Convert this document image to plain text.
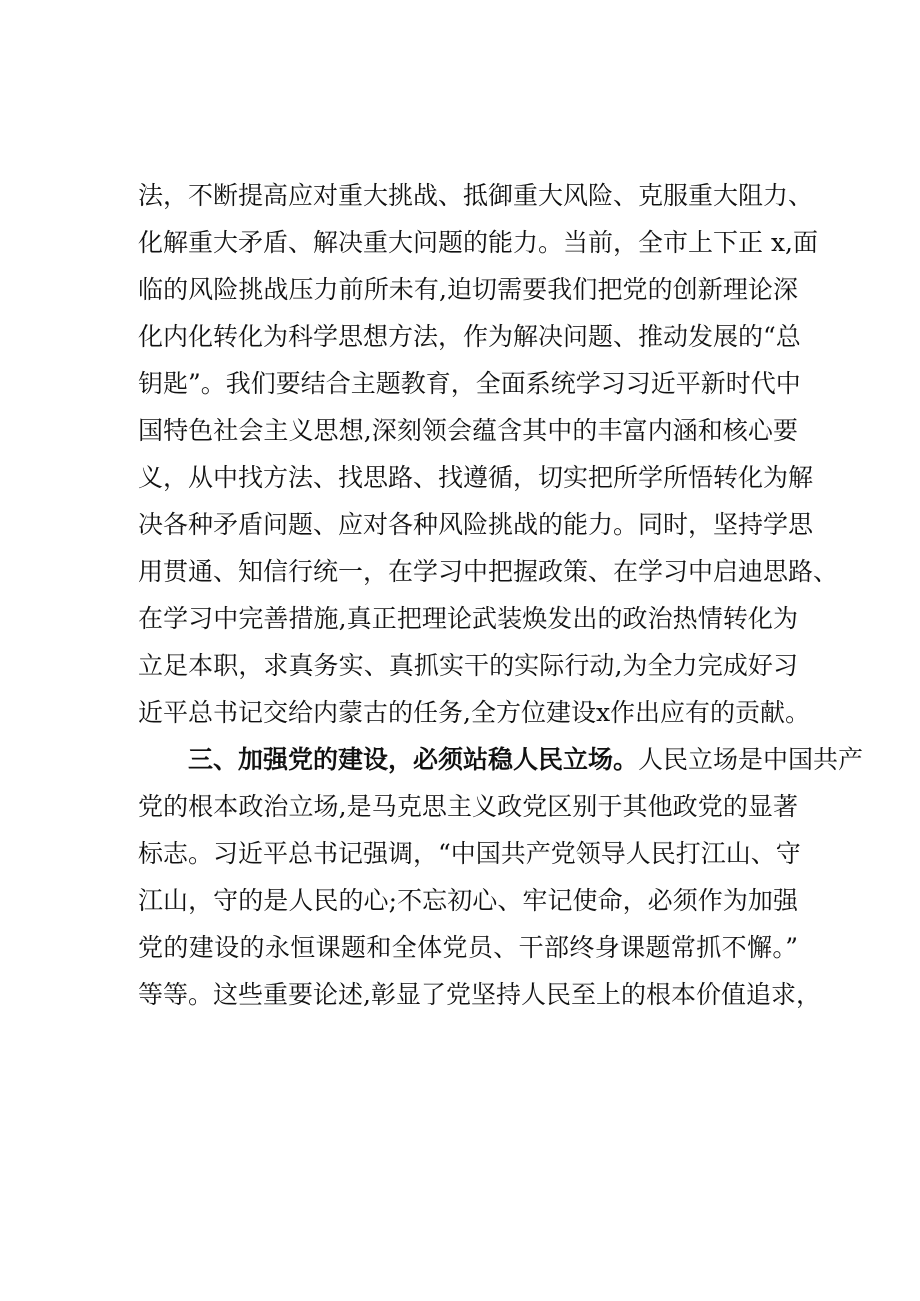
法，不断提高应对重大挑战、抵御重大风险、克服重大阻力、
化解重大矛盾、解决重大问题的能力。当前，全市上下正 x,面
临的风险挑战压力前所未有,迫切需要我们把党的创新理论深
化内化转化为科学思想方法，作为解决问题、推动发展的“总
钥匙”。我们要结合主题教育，全面系统学习习近平新时代中
国特色社会主义思想,深刻领会蕴含其中的丰富内涵和核心要
义，从中找方法、找思路、找遵循，切实把所学所悟转化为解
决各种矛盾问题、应对各种风险挑战的能力。同时，坚持学思
用贯通、知信行统一，在学习中把握政策、在学习中启迪思路、
在学习中完善措施,真正把理论武装焕发出的政治热情转化为
立足本职，求真务实、真抓实干的实际行动,为全力完成好习
近平总书记交给内蒙古的任务,全方位建设x作出应有的贡献。
三、加强党的建设，必须站稳人民立场。人民立场是中国共产
党的根本政治立场,是马克思主义政党区别于其他政党的显著
标志。习近平总书记强调，“中国共产党领导人民打江山、守
江山，守的是人民的心;不忘初心、牢记使命，必须作为加强
党的建设的永恒课题和全体党员、干部终身课题常抓不懈。”
等等。这些重要论述,彰显了党坚持人民至上的根本价值追求，
